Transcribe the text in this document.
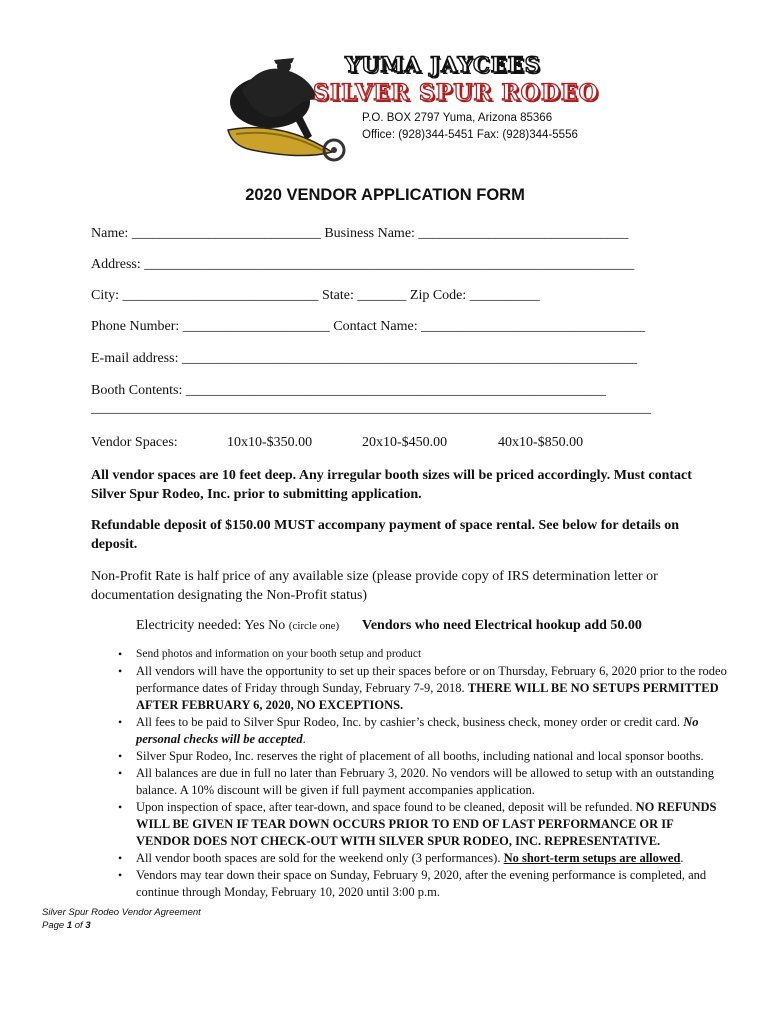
YUMA JAYCEES
SILVER SPUR RODEO
P.O. BOX 2797 Yuma, Arizona 85366
Office: (928)344-5451 Fax: (928)344-5556
2020 VENDOR APPLICATION FORM
Name: ___________________________ Business Name: ______________________________
Address: ______________________________________________________________________
City: ____________________________ State: _______ Zip Code: __________
Phone Number: _____________________ Contact Name: ________________________________
E-mail address: _________________________________________________________________
Booth Contents: ____________________________________________________________
________________________________________________________________________________
Vendor Spaces:	10x10-$350.00	20x10-$450.00	40x10-$850.00
All vendor spaces are 10 feet deep. Any irregular booth sizes will be priced accordingly. Must contact Silver Spur Rodeo, Inc. prior to submitting application.
Refundable deposit of $150.00 MUST accompany payment of space rental. See below for details on deposit.
Non-Profit Rate is half price of any available size (please provide copy of IRS determination letter or documentation designating the Non-Profit status)
Electricity needed: Yes No (circle one) Vendors who need Electrical hookup add 50.00
• Send photos and information on your booth setup and product
• All vendors will have the opportunity to set up their spaces before or on Thursday, February 6, 2020 prior to the rodeo performance dates of Friday through Sunday, February 7-9, 2018. THERE WILL BE NO SETUPS PERMITTED AFTER FEBRUARY 6, 2020, NO EXCEPTIONS.
• All fees to be paid to Silver Spur Rodeo, Inc. by cashier’s check, business check, money order or credit card. No personal checks will be accepted.
• Silver Spur Rodeo, Inc. reserves the right of placement of all booths, including national and local sponsor booths.
• All balances are due in full no later than February 3, 2020. No vendors will be allowed to setup with an outstanding balance. A 10% discount will be given if full payment accompanies application.
• Upon inspection of space, after tear-down, and space found to be cleaned, deposit will be refunded. NO REFUNDS WILL BE GIVEN IF TEAR DOWN OCCURS PRIOR TO END OF LAST PERFORMANCE OR IF VENDOR DOES NOT CHECK-OUT WITH SILVER SPUR RODEO, INC. REPRESENTATIVE.
• All vendor booth spaces are sold for the weekend only (3 performances). No short-term setups are allowed.
• Vendors may tear down their space on Sunday, February 9, 2020, after the evening performance is completed, and continue through Monday, February 10, 2020 until 3:00 p.m.
Silver Spur Rodeo Vendor Agreement
Page 1 of 3
